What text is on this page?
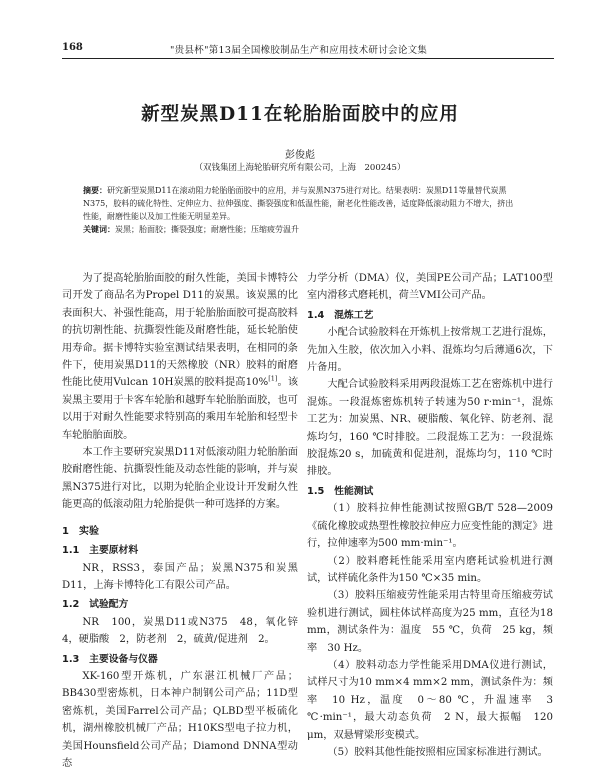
168	"贵县杯"第13届全国橡胶制品生产和应用技术研讨会论文集
新型炭黑D11在轮胎胎面胶中的应用
彭俊彪
（双钱集团上海轮胎研究所有限公司，上海　200245）
摘要：研究新型炭黑D11在滚动阻力轮胎胎面胶中的应用，并与炭黑N375进行对比。结果表明：炭黑D11等量替代炭黑N375，胶料的硫化特性、定伸应力、拉伸强度、撕裂强度和低温性能，耐老化性能改善，适度降低滚动阻力不增大，挤出性能，耐磨性能以及加工性能无明显差异。
关键词：炭黑；胎面胶；撕裂强度；耐磨性能；压缩疲劳温升

为了提高轮胎胎面胶的耐久性能，美国卡博特公司开发了商品名为Propel D11的炭黑。该炭黑的比表面积大、补强性能高，用于轮胎胎面胶可提高胶料的抗切割性能、抗撕裂性能及耐磨性能，延长轮胎使用寿命。据卡博特实验室测试结果表明，在相同的条件下，使用炭黑D11的天然橡胶（NR）胶料的耐磨性能比使用Vulcan 10H炭黑的胶料提高10%[1]。该炭黑主要用于卡客车轮胎和越野车轮胎胎面胶，也可以用于对耐久性能要求特别高的乘用车轮胎和轻型卡车轮胎胎面胶。

本工作主要研究炭黑D11对低滚动阻力轮胎胎面胶耐磨性能、抗撕裂性能及动态性能的影响，并与炭黑N375进行对比，以期为轮胎企业设计开发耐久性能更高的低滚动阻力轮胎提供一种可选择的方案。

1　实验

1.1　主要原材料

NR，RSS3，泰国产品；炭黑N375和炭黑D11，上海卡博特化工有限公司产品。

1.2　试验配方

NR　100，炭黑D11或N375　48，氧化锌　4，硬脂酸　2，防老剂　2，硫黄/促进剂　2。

1.3　主要设备与仪器

XK-160型开炼机，广东湛江机械厂产品；BB430型密炼机，日本神户制钢公司产品；11D型密炼机，美国Farrel公司产品；QLBD型平板硫化机，湖州橡胶机械厂产品；H10KS型电子拉力机，美国Hounsfield公司产品；Diamond DNNA型动态

力学分析（DMA）仪，美国PE公司产品；LAT100型室内滑移式磨耗机，荷兰VMI公司产品。

1.4　混炼工艺

小配合试验胶料在开炼机上按常规工艺进行混炼，先加入生胶，依次加入小料、混炼均匀后薄通6次，下片备用。

大配合试验胶料采用两段混炼工艺在密炼机中进行混炼。一段混炼密炼机转子转速为50 r·min⁻¹，混炼工艺为：加炭黑、NR、硬脂酸、氧化锌、防老剂、混炼均匀，160 ℃时排胶。二段混炼工艺为：一段混炼胶混炼20 s，加硫黄和促进剂，混炼均匀，110 ℃时排胶。

1.5　性能测试

（1）胶料拉伸性能测试按照GB/T 528—2009《硫化橡胶或热塑性橡胶拉伸应力应变性能的测定》进行，拉伸速率为500 mm·min⁻¹。

（2）胶料磨耗性能采用室内磨耗试验机进行测试，试样硫化条件为150 ℃×35 min。

（3）胶料压缩疲劳性能采用古特里奇压缩疲劳试验机进行测试，圆柱体试样高度为25 mm，直径为18 mm，测试条件为：温度　55 ℃，负荷　25 kg，频率　30 Hz。

（4）胶料动态力学性能采用DMA仪进行测试，试样尺寸为10 mm×4 mm×2 mm，测试条件为：频率　10 Hz，温度　0～80 ℃，升温速率　3 ℃·min⁻¹，最大动态负荷　2 N，最大振幅　120 μm，双悬臂梁形变模式。

（5）胶料其他性能按照相应国家标准进行测试。
